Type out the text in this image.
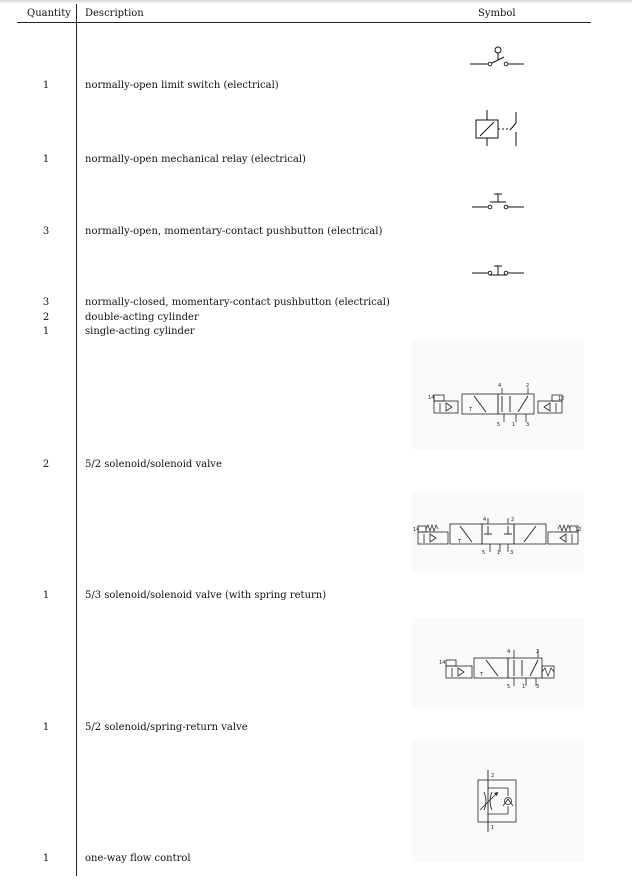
Quantity Description	Symbol
1	normally-open limit switch (electrical)
1	normally-open mechanical relay (electrical)
3	normally-open, momentary-contact pushbutton (electrical)
3	normally-closed, momentary-contact pushbutton (electrical)
2	double-acting cylinder
1	single-acting cylinder
2	5/2 solenoid/solenoid valve
1	5/3 solenoid/solenoid valve (with spring return)
1	5/2 solenoid/spring-return valve
1	one-way flow control
14	12
4	2
5 1 3
T
14	12
4	2
5 1 3
T
14
4	2
5 1 3
T
2
1
